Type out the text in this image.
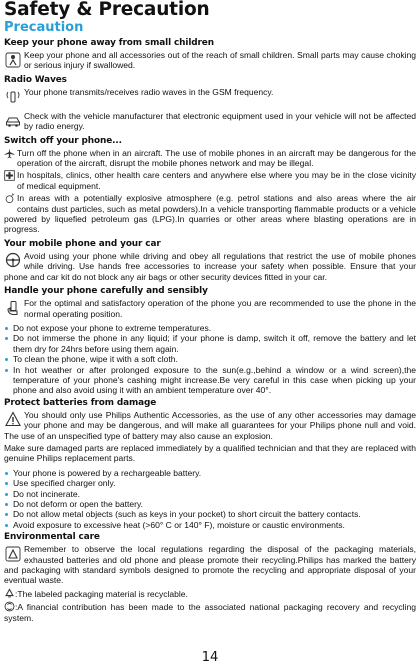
Safety & Precaution
Precaution
Keep your phone away from small children

Keep your phone and all accessories out of the reach of small children. Small parts may cause choking or serious injury if swallowed.

Radio Waves

Your phone transmits/receives radio waves in the GSM frequency.

Check with the vehicle manufacturer that electronic equipment used in your vehicle will not be affected by radio energy.

Switch off your phone...

Turn off the phone when in an aircraft. The use of mobile phones in an aircraft may be dangerous for the operation of the aircraft, disrupt the mobile phones network and may be illegal.

In hospitals, clinics, other health care centers and anywhere else where you may be in the close vicinity of medical equipment.

In areas with a potentially explosive atmosphere (e.g. petrol stations and also areas where the air contains dust particles, such as metal powders).In a vehicle transporting flammable products or a vehicle powered by liquefied petroleum gas (LPG).In quarries or other areas where blasting operations are in progress.

Your mobile phone and your car

Avoid using your phone while driving and obey all regulations that restrict the use of mobile phones while driving. Use hands free accessories to increase your safety when possible. Ensure that your phone and car kit do not block any air bags or other security devices fitted in your car.

Handle your phone carefully and sensibly

For the optimal and satisfactory operation of the phone you are recommended to use the phone in the normal operating position.

Do not expose your phone to extreme temperatures.
Do not immerse the phone in any liquid; if your phone is damp, switch it off, remove the battery and let them dry for 24hrs before using them again.
To clean the phone, wipe it with a soft cloth.
In hot weather or after prolonged exposure to the sun(e.g.,behind a window or a wind screen),the temperature of your phone's cashing might increase.Be very careful in this case when picking up your phone and also avoid using it with an ambient temperature over 40°.
Protect batteries from damage

You should only use Philips Authentic Accessories, as the use of any other accessories may damage your phone and may be dangerous, and will make all guarantees for your Philips phone null and void. The use of an unspecified type of battery may also cause an explosion.

Make sure damaged parts are replaced immediately by a qualified technician and that they are replaced with genuine Philips replacement parts.

Your phone is powered by a rechargeable battery.
Use specified charger only.
Do not incinerate.
Do not deform or open the battery.
Do not allow metal objects (such as keys in your pocket) to short circuit the battery contacts.
Avoid exposure to excessive heat (>60° C or 140° F), moisture or caustic environments.
Environmental care

Remember to observe the local regulations regarding the disposal of the packaging materials, exhausted batteries and old phone and please promote their recycling.Philips has marked the battery and packaging with standard symbols designed to promote the recycling and appropriate disposal of your eventual waste.

:The labeled packaging material is recyclable.

:A financial contribution has been made to the associated national packaging recovery and recycling system.

14
